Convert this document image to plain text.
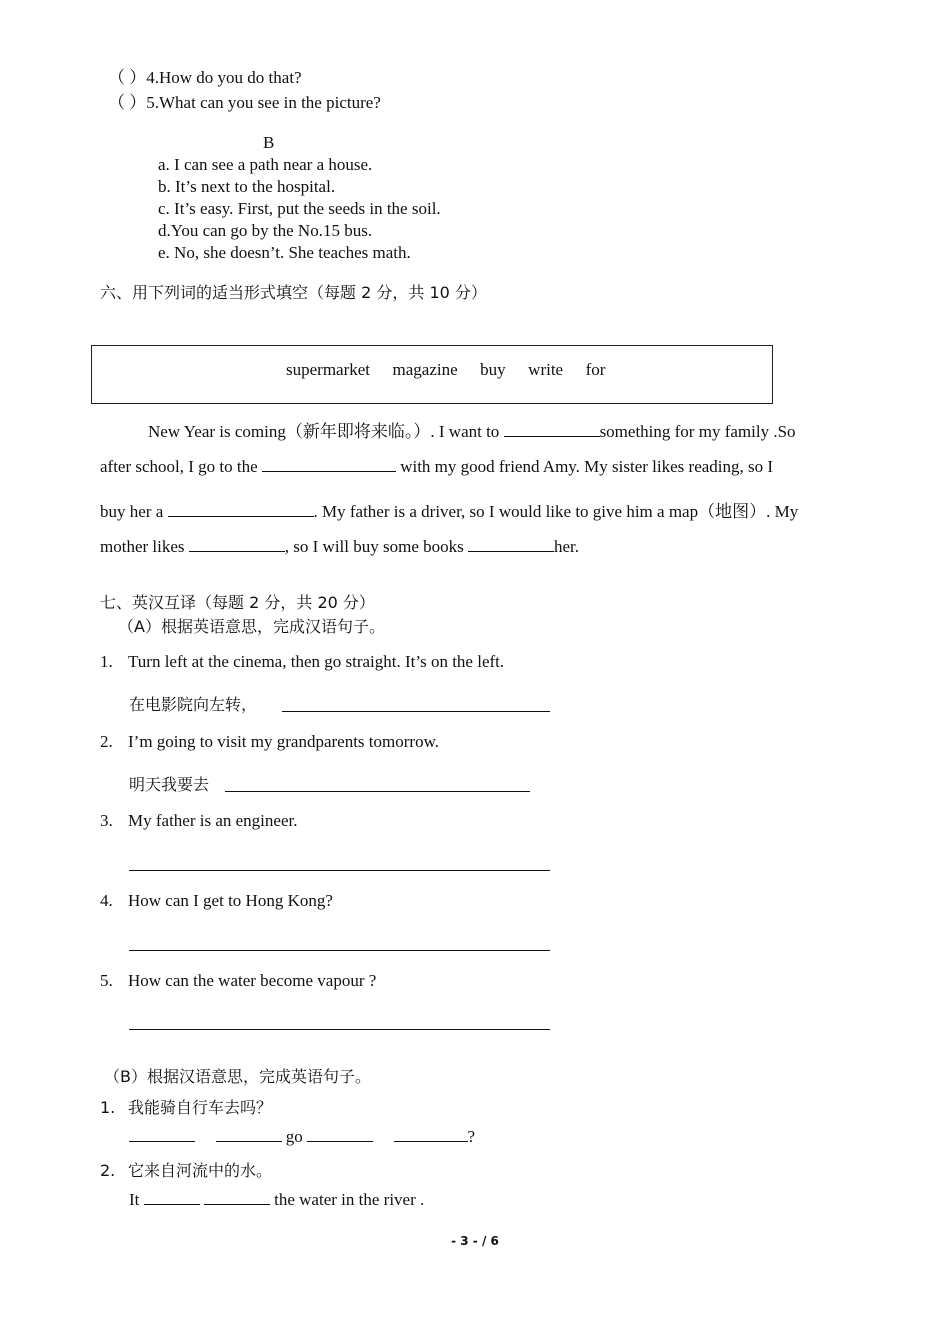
（ ）4.How do you do that?
（ ）5.What can you see in the picture?
B
a. I can see a path near a house.
b. It’s next to the hospital.
c. It’s easy. First, put the seeds in the soil.
d.You can go by the No.15 bus.
e. No, she doesn’t. She teaches math.
六、用下列词的适当形式填空（每题 2 分，共 10 分）
supermarket magazine buy write for
New Year is coming（新年即将来临。）. I want to	something for my family .So
after school, I go to the	with my good friend Amy. My sister likes reading, so I
buy her a	. My father is a driver, so I would like to give him a map（地图）. My
mother likes	, so I will buy some books	her.
七、英汉互译（每题 2 分，共 20 分）
（A）根据英语意思，完成汉语句子。
1. Turn left at the cinema, then go straight. It’s on the left.
在电影院向左转，
2. I’m going to visit my grandparents tomorrow.
明天我要去
3. My father is an engineer.
4. How can I get to Hong Kong?
5. How can the water become vapour ?
（B）根据汉语意思，完成英语句子。
1. 我能骑自行车去吗？
go	?
2. 它来自河流中的水。
It	the water in the river .
- 3 - / 6
